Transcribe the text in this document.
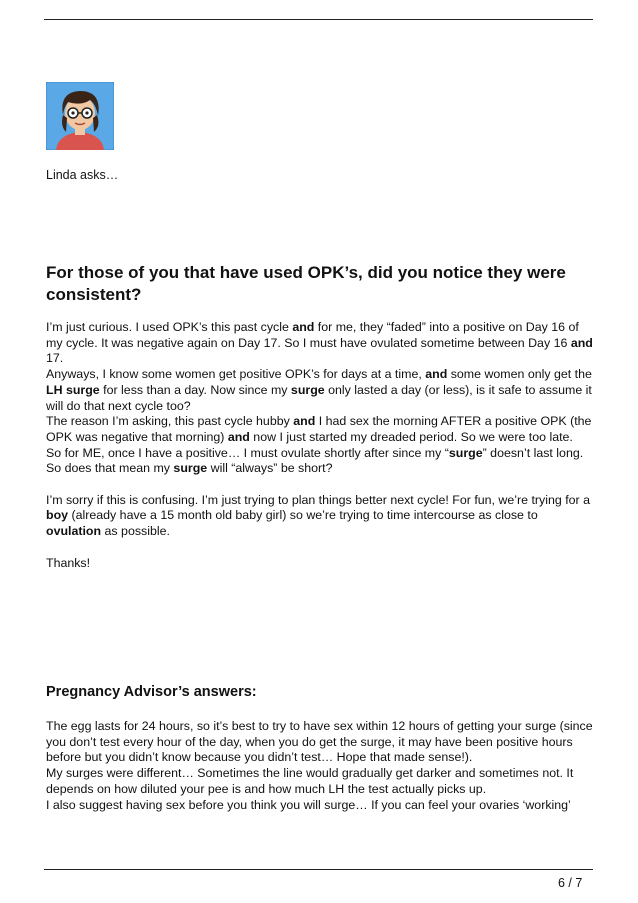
Linda asks…
For those of you that have used OPK’s, did you notice they were consistent?

I’m just curious. I used OPK’s this past cycle and for me, they “faded” into a positive on Day 16 of my cycle. It was negative again on Day 17. So I must have ovulated sometime between Day 16 and 17.

Anyways, I know some women get positive OPK’s for days at a time, and some women only get the LH surge for less than a day. Now since my surge only lasted a day (or less), is it safe to assume it will do that next cycle too?

The reason I’m asking, this past cycle hubby and I had sex the morning AFTER a positive OPK (the OPK was negative that morning) and now I just started my dreaded period. So we were too late.

So for ME, once I have a positive… I must ovulate shortly after since my “surge” doesn’t last long. So does that mean my surge will “always” be short?

I’m sorry if this is confusing. I’m just trying to plan things better next cycle! For fun, we’re trying for a boy (already have a 15 month old baby girl) so we’re trying to time intercourse as close to ovulation as possible.

Thanks!

Pregnancy Advisor’s answers:

The egg lasts for 24 hours, so it’s best to try to have sex within 12 hours of getting your surge (since you don’t test every hour of the day, when you do get the surge, it may have been positive hours before but you didn’t know because you didn’t test… Hope that made sense!).

My surges were different… Sometimes the line would gradually get darker and sometimes not. It depends on how diluted your pee is and how much LH the test actually picks up.

I also suggest having sex before you think you will surge… If you can feel your ovaries ‘working’

6 / 7
